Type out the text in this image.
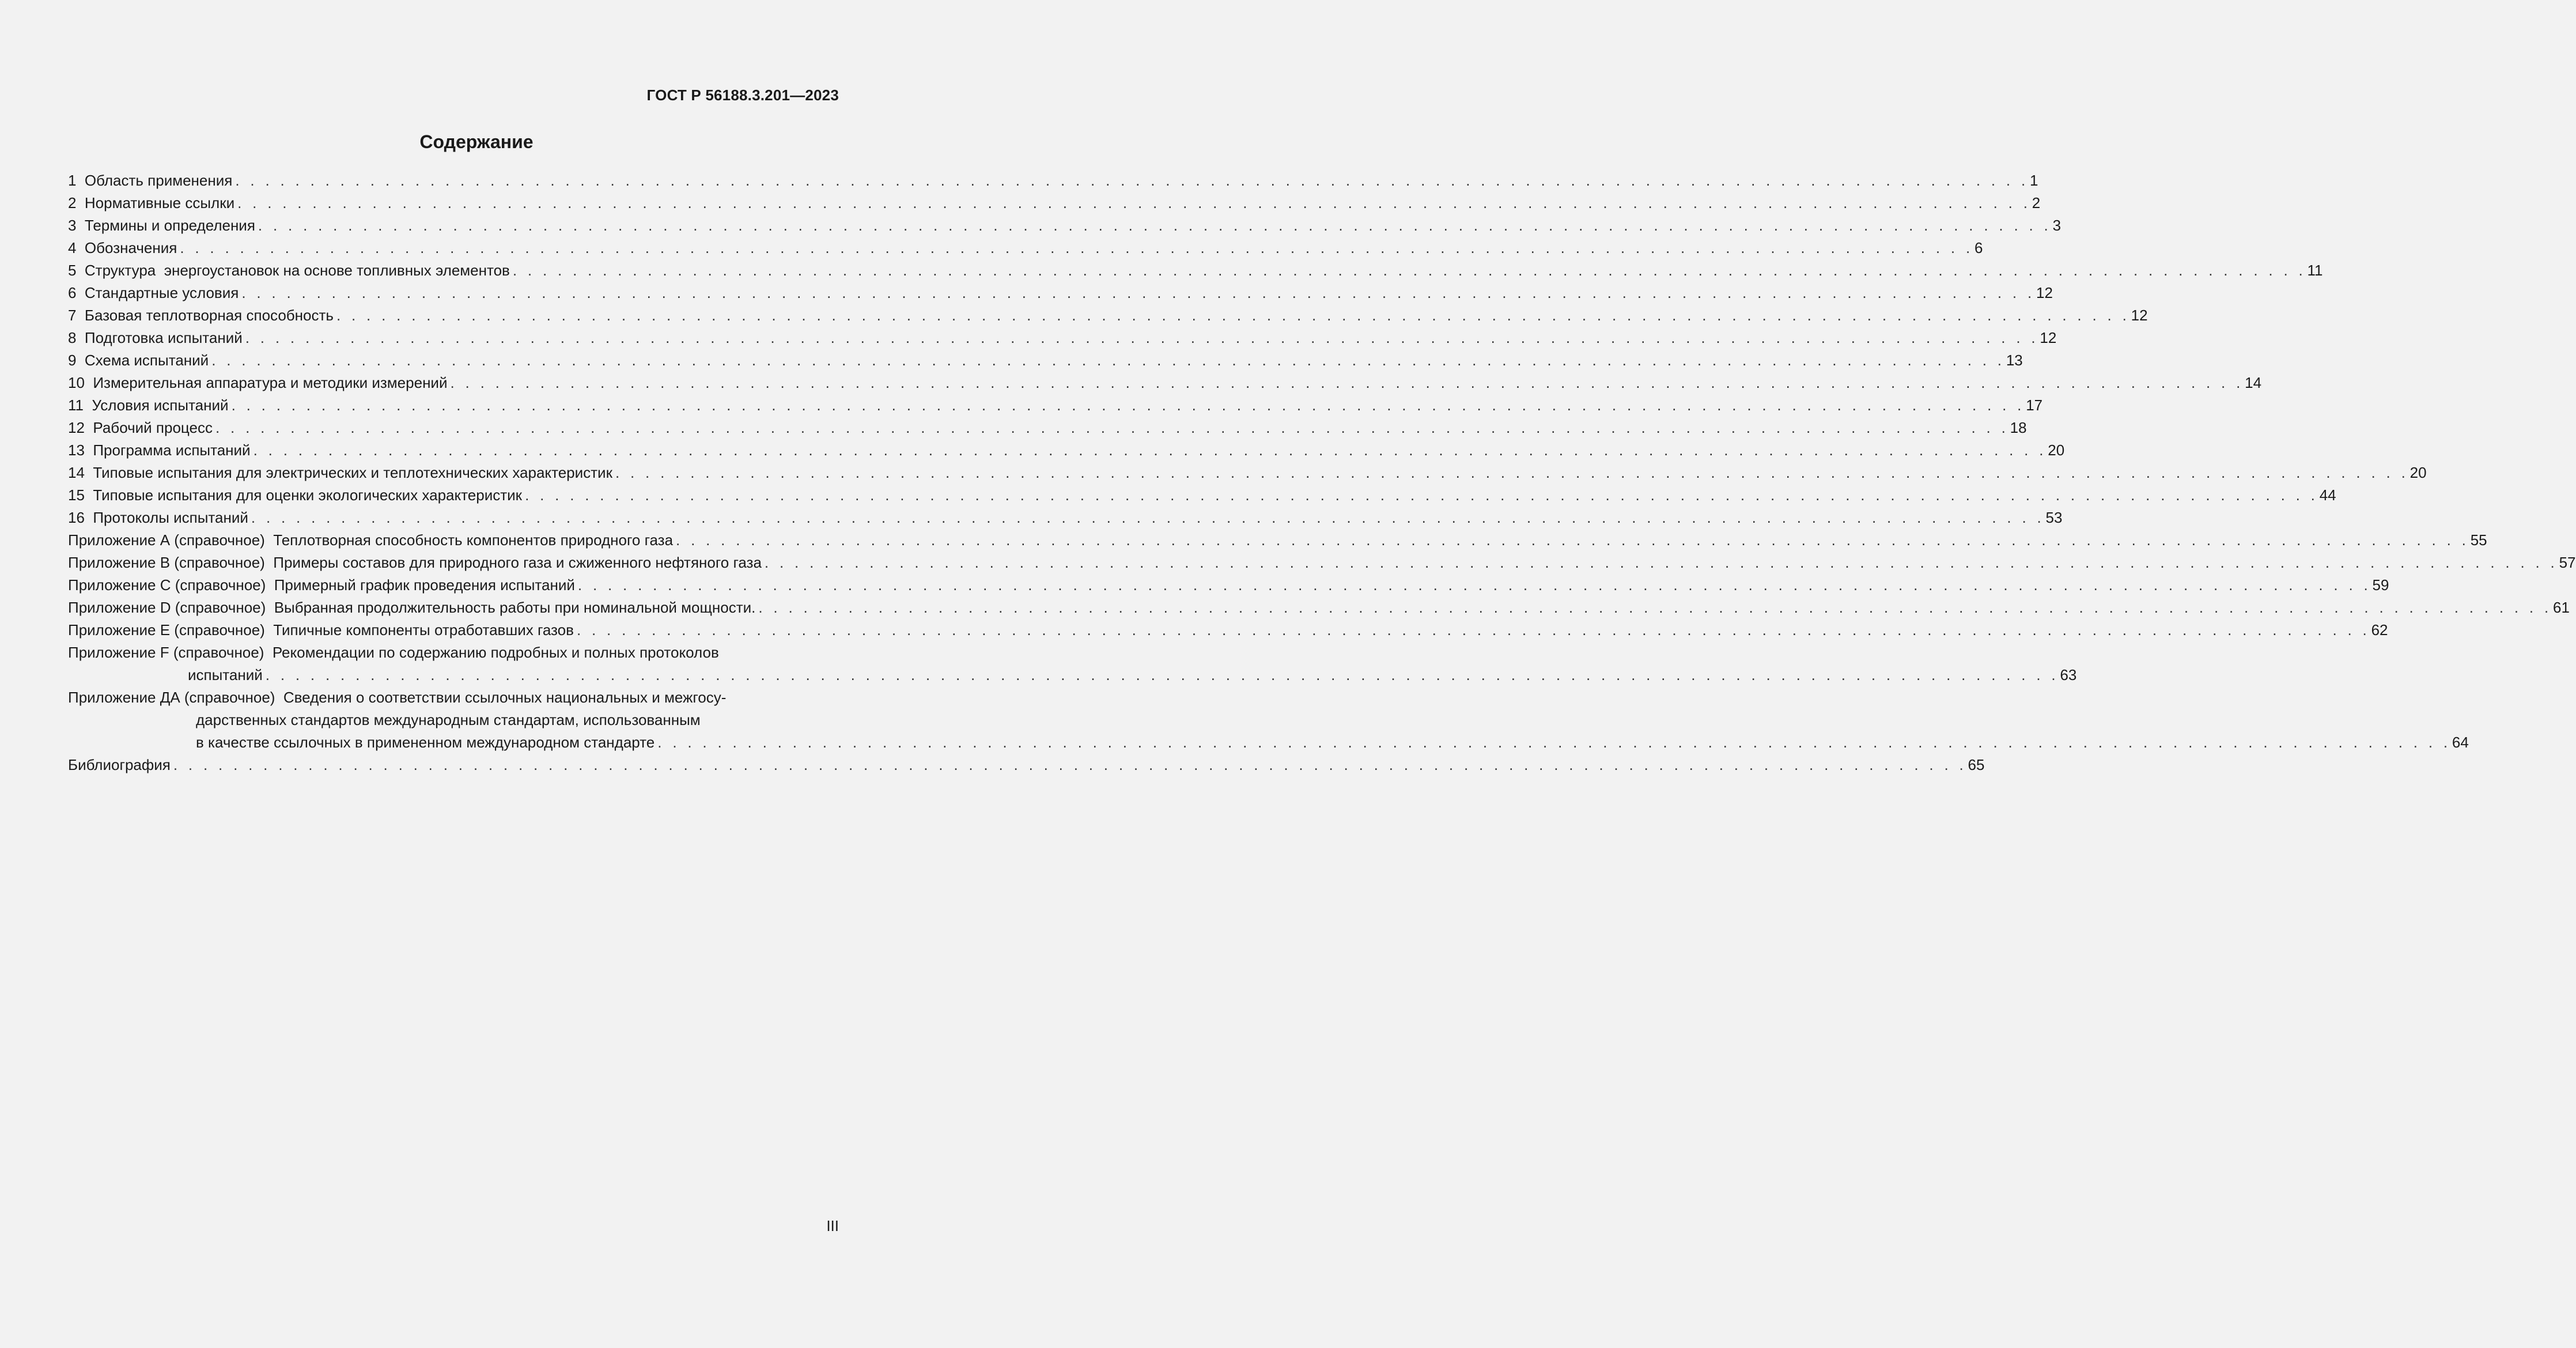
ГОСТ Р 56188.3.201—2023
Содержание
1  Область применения . . . . . . . . . . . . . . . . . . . . . . . . . . . . . . . . . . . . . . . . . . . . . . . . . . . . . . . . . . . . . . . . . . . . . . . . . . . . . . . . . . . . . . . . . . . . . . . . . . . . . . . . . . . . . . . . . . . . . . . . 1
2  Нормативные ссылки . . . . . . . . . . . . . . . . . . . . . . . . . . . . . . . . . . . . . . . . . . . . . . . . . . . . . . . . . . . . . . . . . . . . . . . . . . . . . . . . . . . . . . . . . . . . . . . . . . . . . . . . . . . . . . . . . . . . . . . . 2
3  Термины и определения . . . . . . . . . . . . . . . . . . . . . . . . . . . . . . . . . . . . . . . . . . . . . . . . . . . . . . . . . . . . . . . . . . . . . . . . . . . . . . . . . . . . . . . . . . . . . . . . . . . . . . . . . . . . . . . . . . . . . . . . 3
4  Обозначения . . . . . . . . . . . . . . . . . . . . . . . . . . . . . . . . . . . . . . . . . . . . . . . . . . . . . . . . . . . . . . . . . . . . . . . . . . . . . . . . . . . . . . . . . . . . . . . . . . . . . . . . . . . . . . . . . . . . . . . . 6
5  Структура  энергоустановок на основе топливных элементов . . . . . . . . . . . . . . . . . . . . . . . . . . . . . . . . . . . . . . . . . . . . . . . . . . . . . . . . . . . . . . . . . . . . . . . . . . . . . . . . . . . . . . . . . . . . . . . . . . . . . . . . . . . . . . . . . . . . . . . . 11
6  Стандартные условия . . . . . . . . . . . . . . . . . . . . . . . . . . . . . . . . . . . . . . . . . . . . . . . . . . . . . . . . . . . . . . . . . . . . . . . . . . . . . . . . . . . . . . . . . . . . . . . . . . . . . . . . . . . . . . . . . . . . . . . . 12
7  Базовая теплотворная способность . . . . . . . . . . . . . . . . . . . . . . . . . . . . . . . . . . . . . . . . . . . . . . . . . . . . . . . . . . . . . . . . . . . . . . . . . . . . . . . . . . . . . . . . . . . . . . . . . . . . . . . . . . . . . . . . . . . . . . . . 12
8  Подготовка испытаний . . . . . . . . . . . . . . . . . . . . . . . . . . . . . . . . . . . . . . . . . . . . . . . . . . . . . . . . . . . . . . . . . . . . . . . . . . . . . . . . . . . . . . . . . . . . . . . . . . . . . . . . . . . . . . . . . . . . . . . . 12
9  Схема испытаний . . . . . . . . . . . . . . . . . . . . . . . . . . . . . . . . . . . . . . . . . . . . . . . . . . . . . . . . . . . . . . . . . . . . . . . . . . . . . . . . . . . . . . . . . . . . . . . . . . . . . . . . . . . . . . . . . . . . . . . . 13
10  Измерительная аппаратура и методики измерений . . . . . . . . . . . . . . . . . . . . . . . . . . . . . . . . . . . . . . . . . . . . . . . . . . . . . . . . . . . . . . . . . . . . . . . . . . . . . . . . . . . . . . . . . . . . . . . . . . . . . . . . . . . . . . . . . . . . . . . . 14
11  Условия испытаний . . . . . . . . . . . . . . . . . . . . . . . . . . . . . . . . . . . . . . . . . . . . . . . . . . . . . . . . . . . . . . . . . . . . . . . . . . . . . . . . . . . . . . . . . . . . . . . . . . . . . . . . . . . . . . . . . . . . . . . . 17
12  Рабочий процесс . . . . . . . . . . . . . . . . . . . . . . . . . . . . . . . . . . . . . . . . . . . . . . . . . . . . . . . . . . . . . . . . . . . . . . . . . . . . . . . . . . . . . . . . . . . . . . . . . . . . . . . . . . . . . . . . . . . . . . . . 18
13  Программа испытаний . . . . . . . . . . . . . . . . . . . . . . . . . . . . . . . . . . . . . . . . . . . . . . . . . . . . . . . . . . . . . . . . . . . . . . . . . . . . . . . . . . . . . . . . . . . . . . . . . . . . . . . . . . . . . . . . . . . . . . . . 20
14  Типовые испытания для электрических и теплотехнических характеристик . . . . . . . . . . . . . . . . . . . . . . . . . . . . . . . . . . . . . . . . . . . . . . . . . . . . . . . . . . . . . . . . . . . . . . . . . . . . . . . . . . . . . . . . . . . . . . . . . . . . . . . . . . . . . . . . . . . . . . . . 20
15  Типовые испытания для оценки экологических характеристик . . . . . . . . . . . . . . . . . . . . . . . . . . . . . . . . . . . . . . . . . . . . . . . . . . . . . . . . . . . . . . . . . . . . . . . . . . . . . . . . . . . . . . . . . . . . . . . . . . . . . . . . . . . . . . . . . . . . . . . . 44
16  Протоколы испытаний . . . . . . . . . . . . . . . . . . . . . . . . . . . . . . . . . . . . . . . . . . . . . . . . . . . . . . . . . . . . . . . . . . . . . . . . . . . . . . . . . . . . . . . . . . . . . . . . . . . . . . . . . . . . . . . . . . . . . . . . 53
Приложение А (справочное)  Теплотворная способность компонентов природного газа . . . . . . . . . . . . . . . . . . . . . . . . . . . . . . . . . . . . . . . . . . . . . . . . . . . . . . . . . . . . . . . . . . . . . . . . . . . . . . . . . . . . . . . . . . . . . . . . . . . . . . . . . . . . . . . . . . . . . . . . 55
Приложение В (справочное)  Примеры составов для природного газа и сжиженного нефтяного газа . . . . . . . . . . . . . . . . . . . . . . . . . . . . . . . . . . . . . . . . . . . . . . . . . . . . . . . . . . . . . . . . . . . . . . . . . . . . . . . . . . . . . . . . . . . . . . . . . . . . . . . . . . . . . . . . . . . . . . . . 57
Приложение С (справочное)  Примерный график проведения испытаний . . . . . . . . . . . . . . . . . . . . . . . . . . . . . . . . . . . . . . . . . . . . . . . . . . . . . . . . . . . . . . . . . . . . . . . . . . . . . . . . . . . . . . . . . . . . . . . . . . . . . . . . . . . . . . . . . . . . . . . . 59
Приложение D (справочное)  Выбранная продолжительность работы при номинальной мощности. . . . . . . . . . . . . . . . . . . . . . . . . . . . . . . . . . . . . . . . . . . . . . . . . . . . . . . . . . . . . . . . . . . . . . . . . . . . . . . . . . . . . . . . . . . . . . . . . . . . . . . . . . . . . . . . . . . . . . . . . 61
Приложение Е (справочное)  Типичные компоненты отработавших газов . . . . . . . . . . . . . . . . . . . . . . . . . . . . . . . . . . . . . . . . . . . . . . . . . . . . . . . . . . . . . . . . . . . . . . . . . . . . . . . . . . . . . . . . . . . . . . . . . . . . . . . . . . . . . . . . . . . . . . . . 62
Приложение F (справочное)  Рекомендации по содержанию подробных и полных протоколов
испытаний . . . . . . . . . . . . . . . . . . . . . . . . . . . . . . . . . . . . . . . . . . . . . . . . . . . . . . . . . . . . . . . . . . . . . . . . . . . . . . . . . . . . . . . . . . . . . . . . . . . . . . . . . . . . . . . . . . . . . . . . 63
Приложение ДА (справочное)  Сведения о соответствии ссылочных национальных и межгосу-
дарственных стандартов международным стандартам, использованным
в качестве ссылочных в примененном международном стандарте . . . . . . . . . . . . . . . . . . . . . . . . . . . . . . . . . . . . . . . . . . . . . . . . . . . . . . . . . . . . . . . . . . . . . . . . . . . . . . . . . . . . . . . . . . . . . . . . . . . . . . . . . . . . . . . . . . . . . . . . 64
Библиография . . . . . . . . . . . . . . . . . . . . . . . . . . . . . . . . . . . . . . . . . . . . . . . . . . . . . . . . . . . . . . . . . . . . . . . . . . . . . . . . . . . . . . . . . . . . . . . . . . . . . . . . . . . . . . . . . . . . . . . . 65
III
